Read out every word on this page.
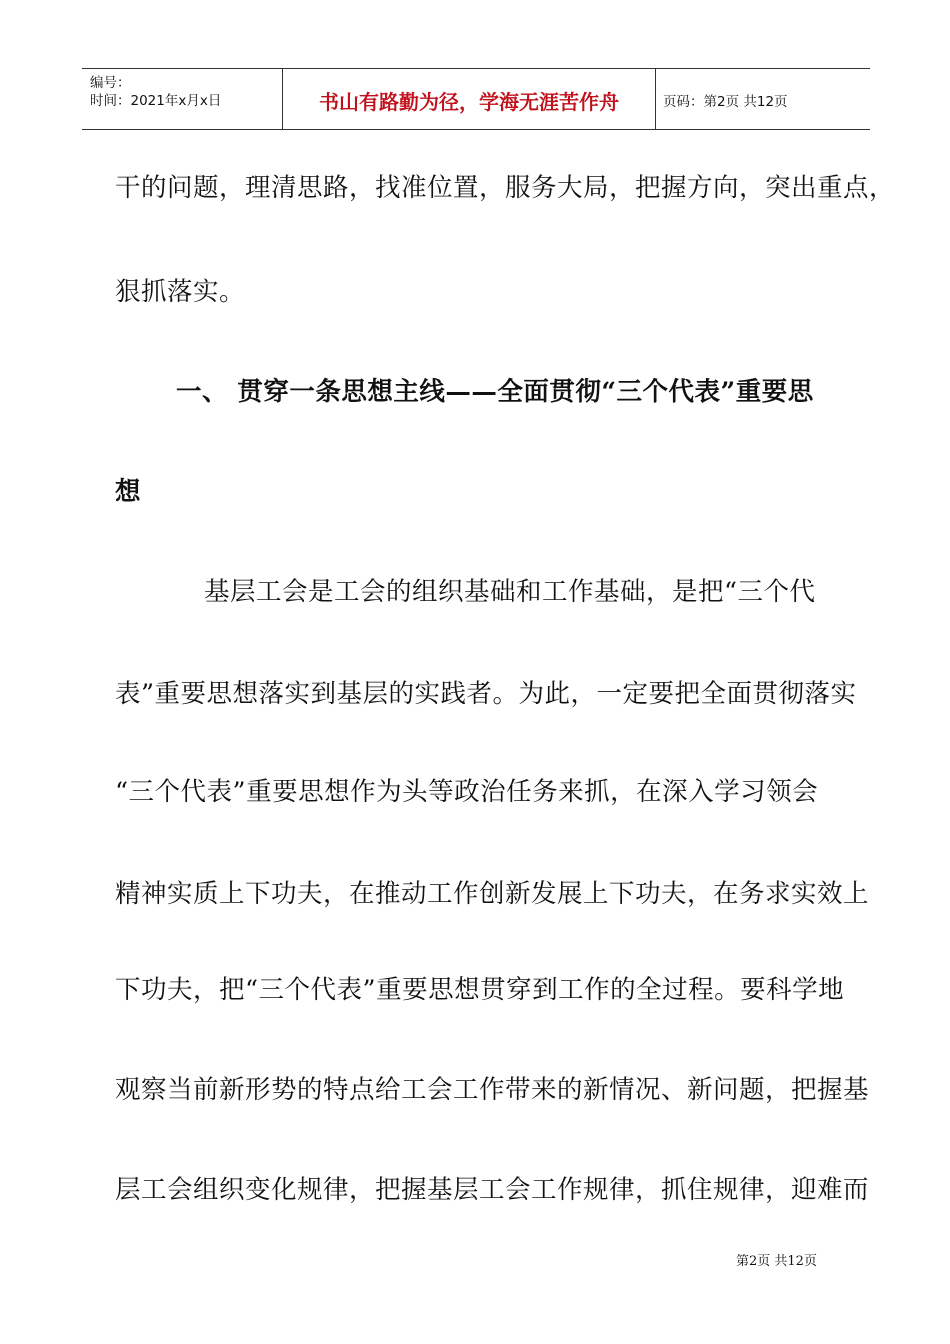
编号：
时间：2021年x月x日	书山有路勤为径，学海无涯苦作舟	页码：第2页 共12页
干的问题，理清思路，找准位置，服务大局，把握方向，突出重点，
狠抓落实。
一、 贯穿一条思想主线——全面贯彻“三个代表”重要思
想
基层工会是工会的组织基础和工作基础，是把“三个代
表”重要思想落实到基层的实践者。为此，一定要把全面贯彻落实
“三个代表”重要思想作为头等政治任务来抓，在深入学习领会
精神实质上下功夫，在推动工作创新发展上下功夫，在务求实效上
下功夫，把“三个代表”重要思想贯穿到工作的全过程。要科学地
观察当前新形势的特点给工会工作带来的新情况、新问题，把握基
层工会组织变化规律，把握基层工会工作规律，抓住规律，迎难而
第2页 共12页
